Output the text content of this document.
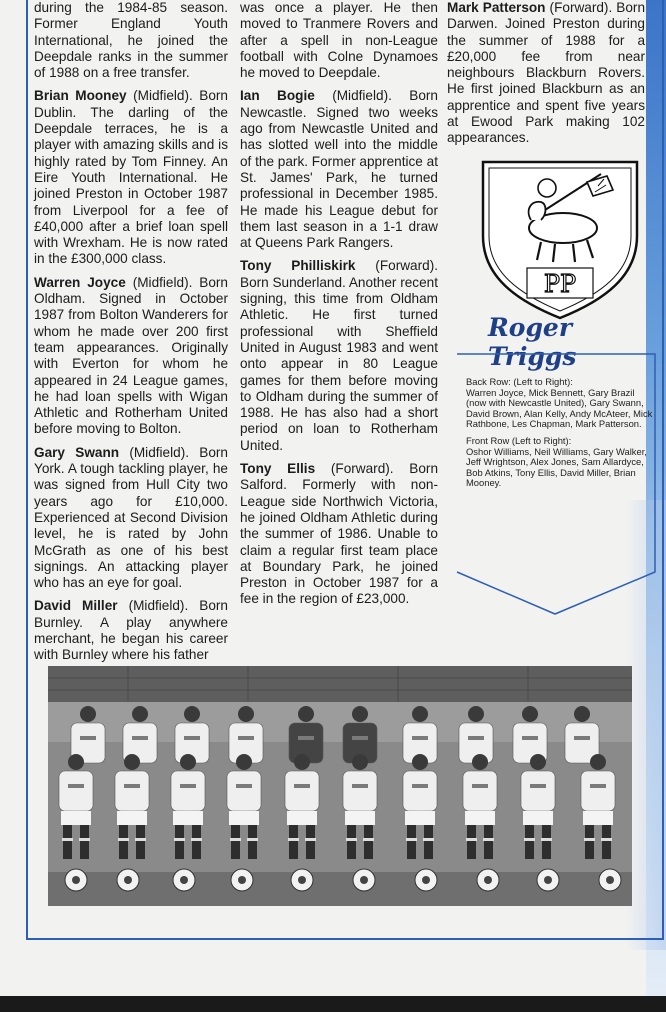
during the 1984-85 season. Former England Youth International, he joined the Deepdale ranks in the summer of 1988 on a free transfer.

Brian Mooney (Midfield). Born Dublin. The darling of the Deepdale terraces, he is a player with amazing skills and is highly rated by Tom Finney. An Eire Youth International. He joined Preston in October 1987 from Liverpool for a fee of £40,000 after a brief loan spell with Wrexham. He is now rated in the £300,000 class.

Warren Joyce (Midfield). Born Oldham. Signed in October 1987 from Bolton Wanderers for whom he made over 200 first team appearances. Originally with Everton for whom he appeared in 24 League games, he had loan spells with Wigan Athletic and Rotherham United before moving to Bolton.

Gary Swann (Midfield). Born York. A tough tackling player, he was signed from Hull City two years ago for £10,000. Experienced at Second Division level, he is rated by John McGrath as one of his best signings. An attacking player who has an eye for goal.

David Miller (Midfield). Born Burnley. A play anywhere merchant, he began his career with Burnley where his father

was once a player. He then moved to Tranmere Rovers and after a spell in non-League football with Colne Dynamoes he moved to Deepdale.

Ian Bogie (Midfield). Born Newcastle. Signed two weeks ago from Newcastle United and has slotted well into the middle of the park. Former apprentice at St. James' Park, he turned professional in December 1985. He made his League debut for them last season in a 1-1 draw at Queens Park Rangers.

Tony Philliskirk (Forward). Born Sunderland. Another recent signing, this time from Oldham Athletic. He first turned professional with Sheffield United in August 1983 and went onto appear in 80 League games for them before moving to Oldham during the summer of 1988. He has also had a short period on loan to Rotherham United.

Tony Ellis (Forward). Born Salford. Formerly with non-League side Northwich Victoria, he joined Oldham Athletic during the summer of 1986. Unable to claim a regular first team place at Boundary Park, he joined Preston in October 1987 for a fee in the region of £23,000.

Mark Patterson (Forward). Born Darwen. Joined Preston during the summer of 1988 for a £20,000 fee from near neighbours Blackburn Rovers. He first joined Blackburn as an apprentice and spent five years at Ewood Park making 102 appearances.

PP
Roger Triggs

Back Row: (Left to Right):
Warren Joyce, Mick Bennett, Gary Brazil (now with Newcastle United), Gary Swann, David Brown, Alan Kelly, Andy McAteer, Mick Rathbone, Les Chapman, Mark Patterson.

Front Row (Left to Right):
Oshor Williams, Neil Williams, Gary Walker, Jeff Wrightson, Alex Jones, Sam Allardyce, Bob Atkins, Tony Ellis, David Miller, Brian Mooney.
